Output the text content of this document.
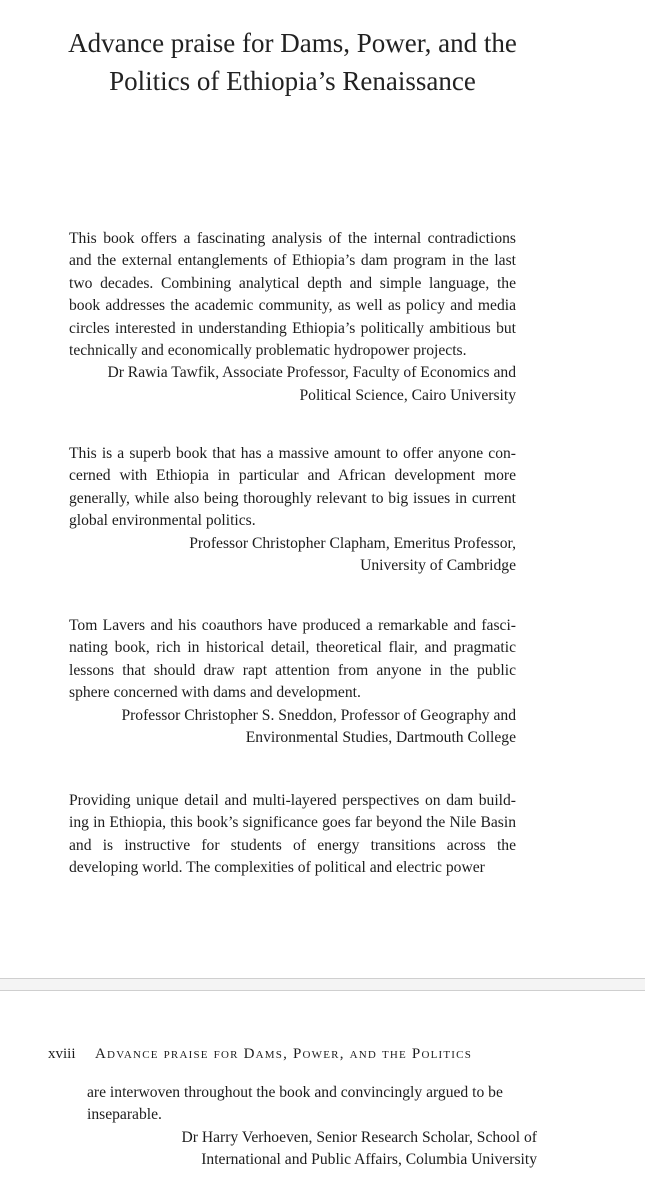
Advance praise for Dams, Power, and the
Politics of Ethiopia’s Renaissance

This book offers a fascinating analysis of the internal contradictions and the external entanglements of Ethiopia’s dam program in the last two decades. Combining analytical depth and simple language, the book addresses the academic community, as well as policy and media circles interested in understanding Ethiopia’s politically ambitious but technically and economically problematic hydropower projects.

Dr Rawia Tawfik, Associate Professor, Faculty of Economics and
Political Science, Cairo University

This is a superb book that has a massive amount to offer anyone concerned with Ethiopia in particular and African development more generally, while also being thoroughly relevant to big issues in current global environmental politics.

Professor Christopher Clapham, Emeritus Professor,
University of Cambridge

Tom Lavers and his coauthors have produced a remarkable and fascinating book, rich in historical detail, theoretical flair, and pragmatic lessons that should draw rapt attention from anyone in the public sphere concerned with dams and development.

Professor Christopher S. Sneddon, Professor of Geography and
Environmental Studies, Dartmouth College

Providing unique detail and multi-layered perspectives on dam building in Ethiopia, this book’s significance goes far beyond the Nile Basin and is instructive for students of energy transitions across the developing world. The complexities of political and electric power

xviii Advance praise for Dams, Power, and the Politics

are interwoven throughout the book and convincingly argued to be inseparable.

Dr Harry Verhoeven, Senior Research Scholar, School of
International and Public Affairs, Columbia University
